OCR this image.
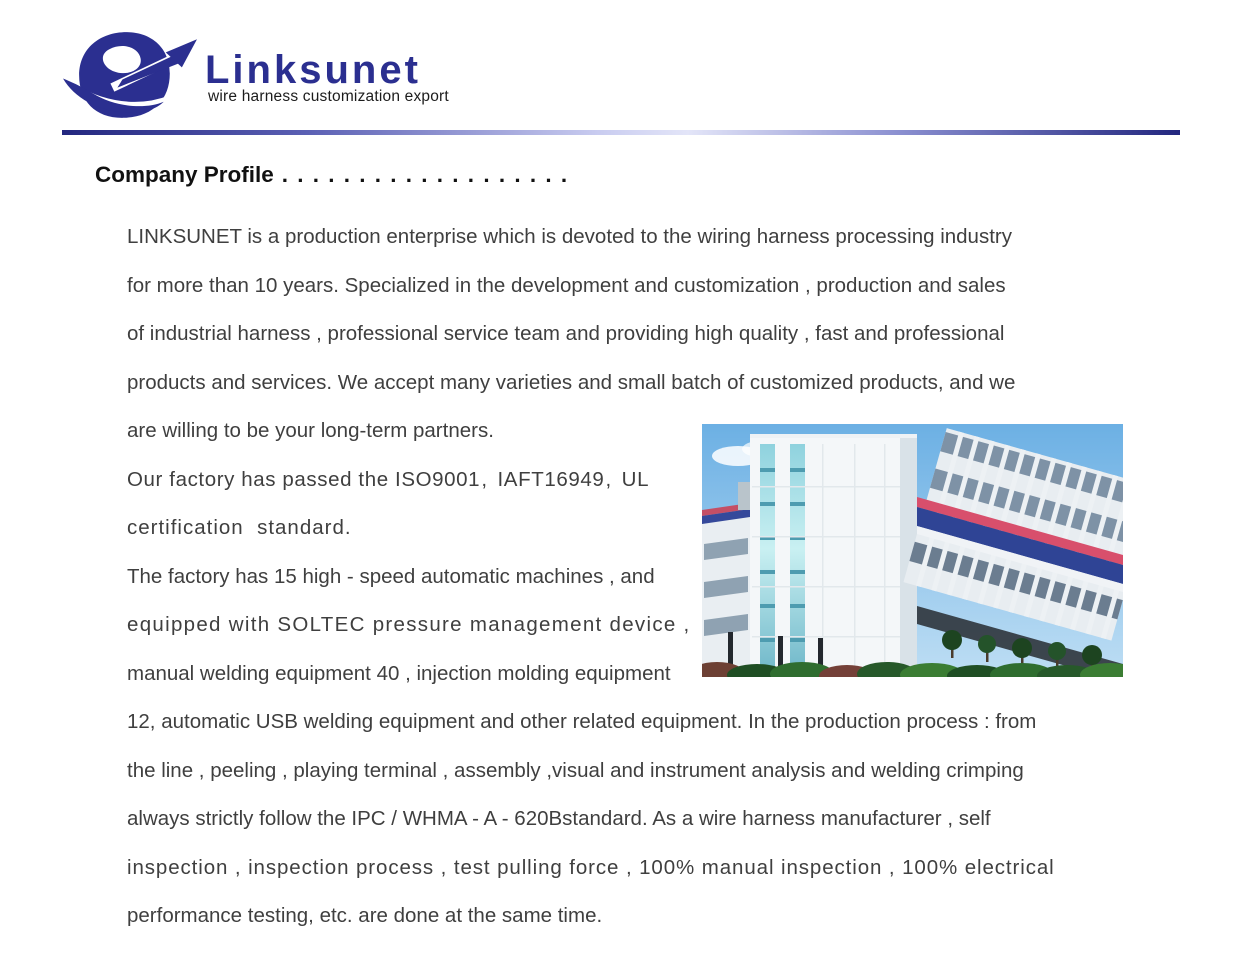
Linksunet
wire harness customization export
Company Profile . . . . . . . . . . . . . . . . . . .
LINKSUNET is a production enterprise which is devoted to the wiring harness processing industry
for more than 10 years. Specialized in the development and customization , production and sales
of industrial harness , professional service team and providing high quality , fast and professional
products and services. We accept many varieties and small batch of customized products, and we
are willing to be your long-term partners.
Our factory has passed the ISO9001, IAFT16949, UL
certification  standard.
The factory has 15 high - speed automatic machines , and
equipped with SOLTEC pressure management device ,
manual welding equipment 40 , injection molding equipment
12, automatic USB welding equipment and other related equipment. In the production process : from
the line , peeling , playing terminal , assembly ,visual and instrument analysis and welding crimping
always strictly follow the IPC / WHMA - A - 620Bstandard. As a wire harness manufacturer , self
inspection , inspection process , test pulling force , 100% manual inspection , 100% electrical
performance testing, etc. are done at the same time.
